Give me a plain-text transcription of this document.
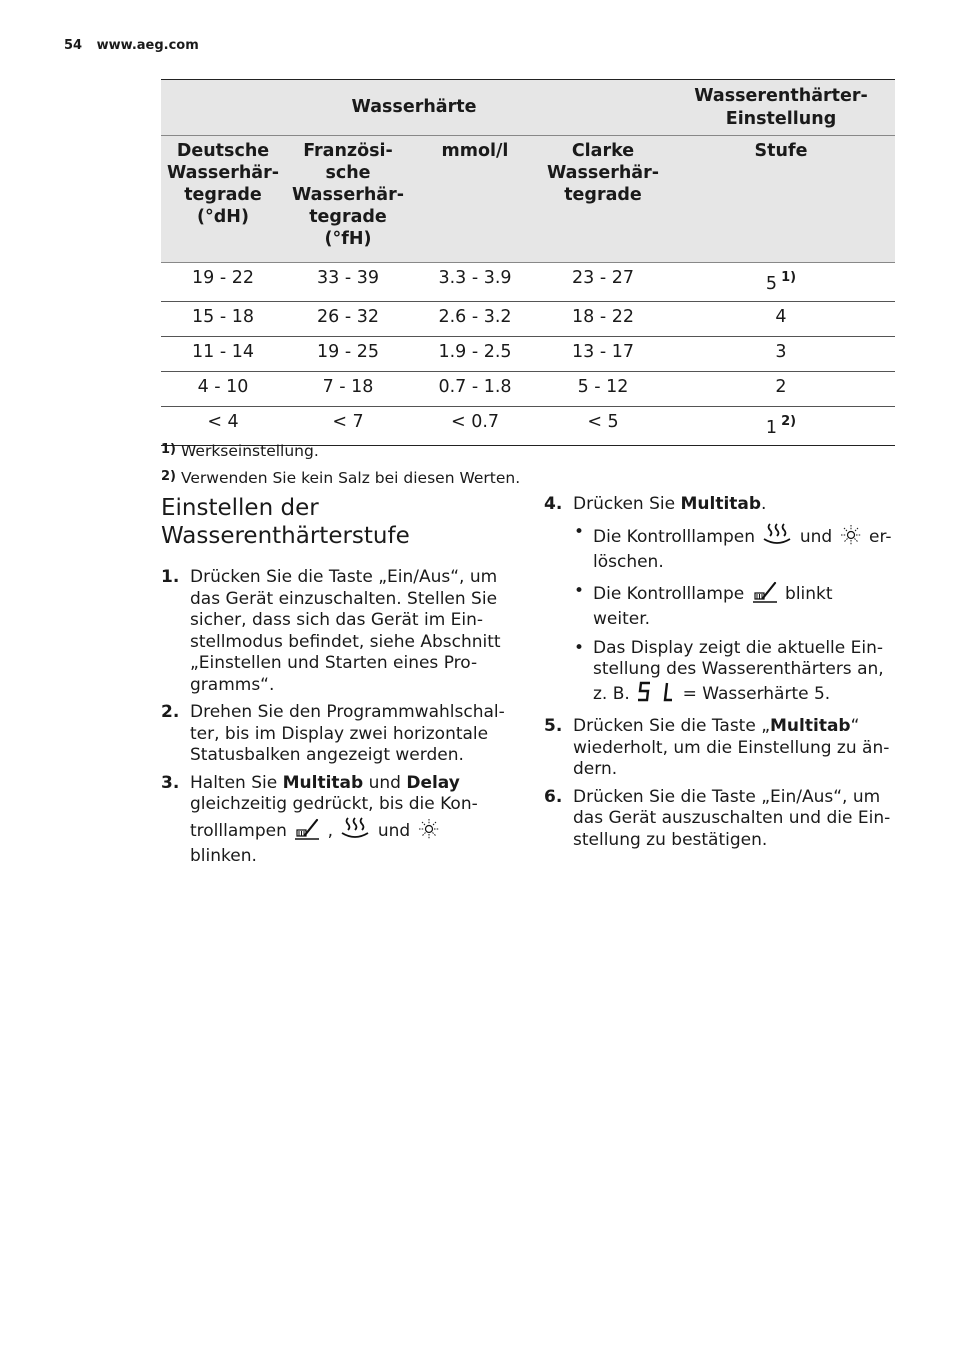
54 www.aeg.com
Wasserhärte				Wasserenthärter-
Einstellung
Deutsche
Wasserhär-
tegrade
(°dH)	Französi-
sche
Wasserhär-
tegrade
(°fH)	mmol/l	Clarke
Wasserhär-
tegrade	Stufe
19 - 22	33 - 39	3.3 - 3.9	23 - 27	5 $^{1)}$
15 - 18	26 - 32	2.6 - 3.2	18 - 22	4
11 - 14	19 - 25	1.9 - 2.5	13 - 17	3
4 - 10	7 - 18	0.7 - 1.8	5 - 12	2
< 4	< 7	< 0.7	< 5	1 $^{2)}$
1) Werkseinstellung.
2) Verwenden Sie kein Salz bei diesen Werten.
Einstellen der
Wasserenthärterstufe
1. Drücken Sie die Taste „Ein/Aus“, um das Gerät einzuschalten. Stellen Sie sicher, dass sich das Gerät im Ein-stellmodus befindet, siehe Abschnitt „Einstellen und Starten eines Pro-gramms“.
2. Drehen Sie den Programmwahlschal-ter, bis im Display zwei horizontale Statusbalken angezeigt werden.
3. Halten Sie Multitab und Delay gleichzeitig gedrückt, bis die Kon-trolllampen  ,  und  blinken.
4. Drücken Sie Multitab.
• Die Kontrolllampen  und  er-löschen.
• Die Kontrolllampe  blinkt weiter.
• Das Display zeigt die aktuelle Ein-stellung des Wasserenthärters an, z. B.  = Wasserhärte 5.
5. Drücken Sie die Taste „Multitab“ wiederholt, um die Einstellung zu än-dern.
6. Drücken Sie die Taste „Ein/Aus“, um das Gerät auszuschalten und die Ein-stellung zu bestätigen.
